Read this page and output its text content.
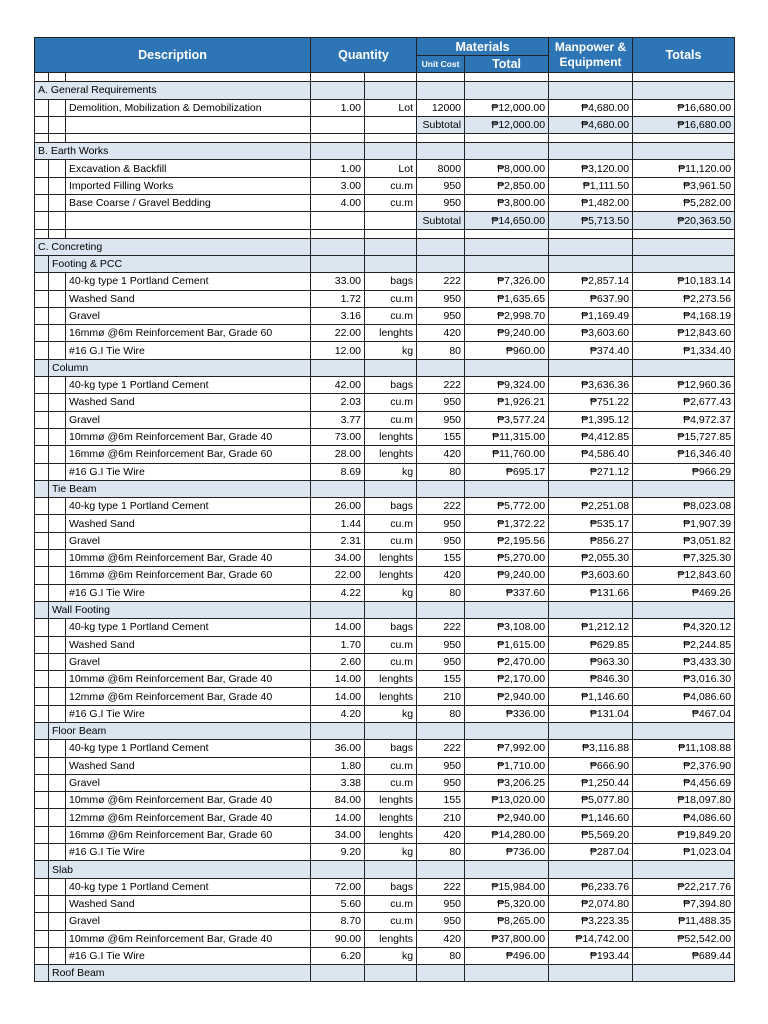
Description			Quantity		Materials		Manpower & Equipment	Totals
					Unit Cost	Total		

A. General Requirements								
		Demolition, Mobilization & Demobilization	1.00	Lot	12000	₱12,000.00	₱4,680.00	₱16,680.00
					Subtotal	₱12,000.00	₱4,680.00	₱16,680.00

B. Earth Works								
		Excavation & Backfill	1.00	Lot	8000	₱8,000.00	₱3,120.00	₱11,120.00
		Imported Filling Works	3.00	cu.m	950	₱2,850.00	₱1,111.50	₱3,961.50
		Base Coarse / Gravel Bedding	4.00	cu.m	950	₱3,800.00	₱1,482.00	₱5,282.00
					Subtotal	₱14,650.00	₱5,713.50	₱20,363.50

C. Concreting								
	Footing & PCC							
		40-kg type 1 Portland Cement	33.00	bags	222	₱7,326.00	₱2,857.14	₱10,183.14
		Washed Sand	1.72	cu.m	950	₱1,635.65	₱637.90	₱2,273.56
		Gravel	3.16	cu.m	950	₱2,998.70	₱1,169.49	₱4,168.19
		16mmø @6m Reinforcement Bar, Grade 60	22.00	lenghts	420	₱9,240.00	₱3,603.60	₱12,843.60
		#16 G.I Tie Wire	12.00	kg	80	₱960.00	₱374.40	₱1,334.40
	Column							
		40-kg type 1 Portland Cement	42.00	bags	222	₱9,324.00	₱3,636.36	₱12,960.36
		Washed Sand	2.03	cu.m	950	₱1,926.21	₱751.22	₱2,677.43
		Gravel	3.77	cu.m	950	₱3,577.24	₱1,395.12	₱4,972.37
		10mmø @6m Reinforcement Bar, Grade 40	73.00	lenghts	155	₱11,315.00	₱4,412.85	₱15,727.85
		16mmø @6m Reinforcement Bar, Grade 60	28.00	lenghts	420	₱11,760.00	₱4,586.40	₱16,346.40
		#16 G.I Tie Wire	8.69	kg	80	₱695.17	₱271.12	₱966.29
	Tie Beam							
		40-kg type 1 Portland Cement	26.00	bags	222	₱5,772.00	₱2,251.08	₱8,023.08
		Washed Sand	1.44	cu.m	950	₱1,372.22	₱535.17	₱1,907.39
		Gravel	2.31	cu.m	950	₱2,195.56	₱856.27	₱3,051.82
		10mmø @6m Reinforcement Bar, Grade 40	34.00	lenghts	155	₱5,270.00	₱2,055.30	₱7,325.30
		16mmø @6m Reinforcement Bar, Grade 60	22.00	lenghts	420	₱9,240.00	₱3,603.60	₱12,843.60
		#16 G.I Tie Wire	4.22	kg	80	₱337.60	₱131.66	₱469.26
	Wall Footing							
		40-kg type 1 Portland Cement	14.00	bags	222	₱3,108.00	₱1,212.12	₱4,320.12
		Washed Sand	1.70	cu.m	950	₱1,615.00	₱629.85	₱2,244.85
		Gravel	2.60	cu.m	950	₱2,470.00	₱963.30	₱3,433.30
		10mmø @6m Reinforcement Bar, Grade 40	14.00	lenghts	155	₱2,170.00	₱846.30	₱3,016.30
		12mmø @6m Reinforcement Bar, Grade 40	14.00	lenghts	210	₱2,940.00	₱1,146.60	₱4,086.60
		#16 G.I Tie Wire	4.20	kg	80	₱336.00	₱131.04	₱467.04
	Floor Beam							
		40-kg type 1 Portland Cement	36.00	bags	222	₱7,992.00	₱3,116.88	₱11,108.88
		Washed Sand	1.80	cu.m	950	₱1,710.00	₱666.90	₱2,376.90
		Gravel	3.38	cu.m	950	₱3,206.25	₱1,250.44	₱4,456.69
		10mmø @6m Reinforcement Bar, Grade 40	84.00	lenghts	155	₱13,020.00	₱5,077.80	₱18,097.80
		12mmø @6m Reinforcement Bar, Grade 40	14.00	lenghts	210	₱2,940.00	₱1,146.60	₱4,086.60
		16mmø @6m Reinforcement Bar, Grade 60	34.00	lenghts	420	₱14,280.00	₱5,569.20	₱19,849.20
		#16 G.I Tie Wire	9.20	kg	80	₱736.00	₱287.04	₱1,023.04
	Slab							
		40-kg type 1 Portland Cement	72.00	bags	222	₱15,984.00	₱6,233.76	₱22,217.76
		Washed Sand	5.60	cu.m	950	₱5,320.00	₱2,074.80	₱7,394.80
		Gravel	8.70	cu.m	950	₱8,265.00	₱3,223.35	₱11,488.35
		10mmø @6m Reinforcement Bar, Grade 40	90.00	lenghts	420	₱37,800.00	₱14,742.00	₱52,542.00
		#16 G.I Tie Wire	6.20	kg	80	₱496.00	₱193.44	₱689.44
	Roof Beam							
